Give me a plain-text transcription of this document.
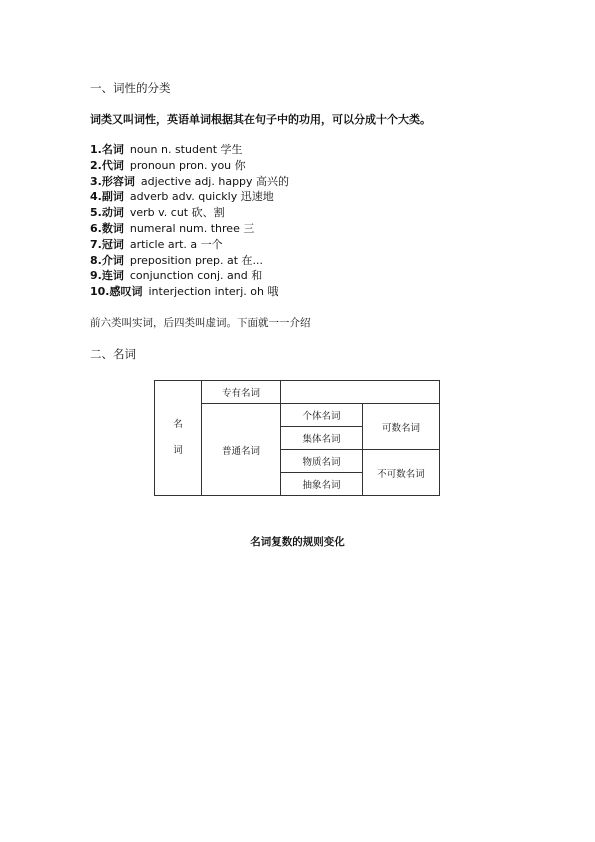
一、词性的分类
词类又叫词性，英语单词根据其在句子中的功用，可以分成十个大类。
1.名词 noun n. student 学生
2.代词 pronoun pron. you 你
3.形容词 adjective adj. happy 高兴的
4.副词 adverb adv. quickly 迅速地
5.动词 verb v. cut 砍、割
6.数词 numeral num. three 三
7.冠词 article art. a 一个
8.介词 preposition prep. at 在...
9.连词 conjunction conj. and 和
10.感叹词 interjection interj. oh 哦
前六类叫实词，后四类叫虚词。下面就一一介绍
二、名词
名
词	专有名词		
	普通名词	个体名词	可数名词
		集体名词	
		物质名词	不可数名词
		抽象名词	
名词复数的规则变化
